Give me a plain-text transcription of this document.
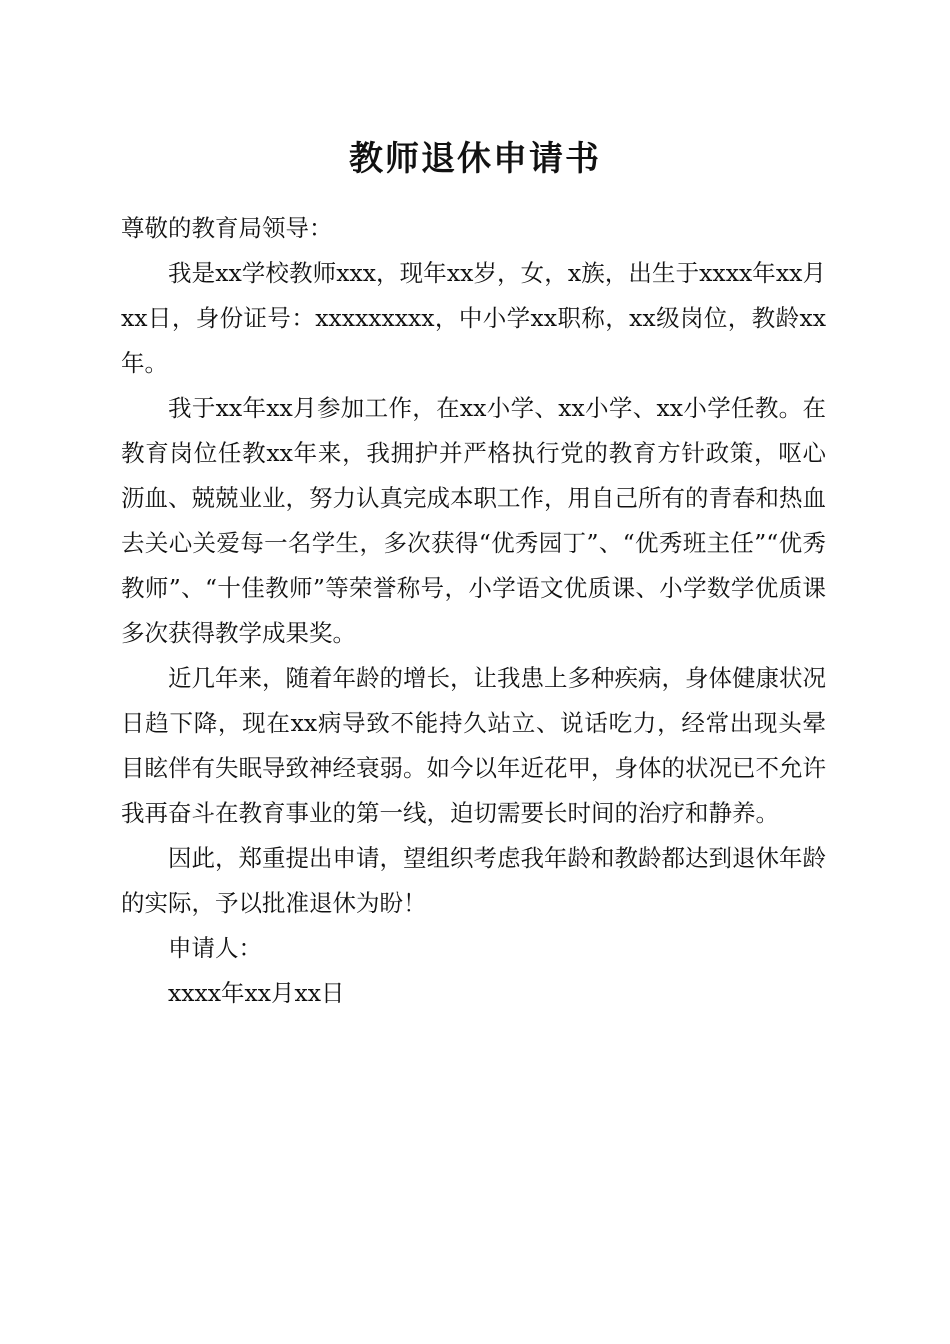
教师退休申请书

尊敬的教育局领导：

我是xx学校教师xxx，现年xx岁，女，x族，出生于xxxx年xx月xx日，身份证号：xxxxxxxxx，中小学xx职称，xx级岗位，教龄xx年。

我于xx年xx月参加工作，在xx小学、xx小学、xx小学任教。在教育岗位任教xx年来，我拥护并严格执行党的教育方针政策，呕心沥血、兢兢业业，努力认真完成本职工作，用自己所有的青春和热血去关心关爱每一名学生，多次获得“优秀园丁”、“优秀班主任”“优秀教师”、“十佳教师”等荣誉称号，小学语文优质课、小学数学优质课多次获得教学成果奖。

近几年来，随着年龄的增长，让我患上多种疾病，身体健康状况日趋下降，现在xx病导致不能持久站立、说话吃力，经常出现头晕目眩伴有失眠导致神经衰弱。如今以年近花甲，身体的状况已不允许我再奋斗在教育事业的第一线，迫切需要长时间的治疗和静养。

因此，郑重提出申请，望组织考虑我年龄和教龄都达到退休年龄的实际，予以批准退休为盼！

申请人：

xxxx年xx月xx日
